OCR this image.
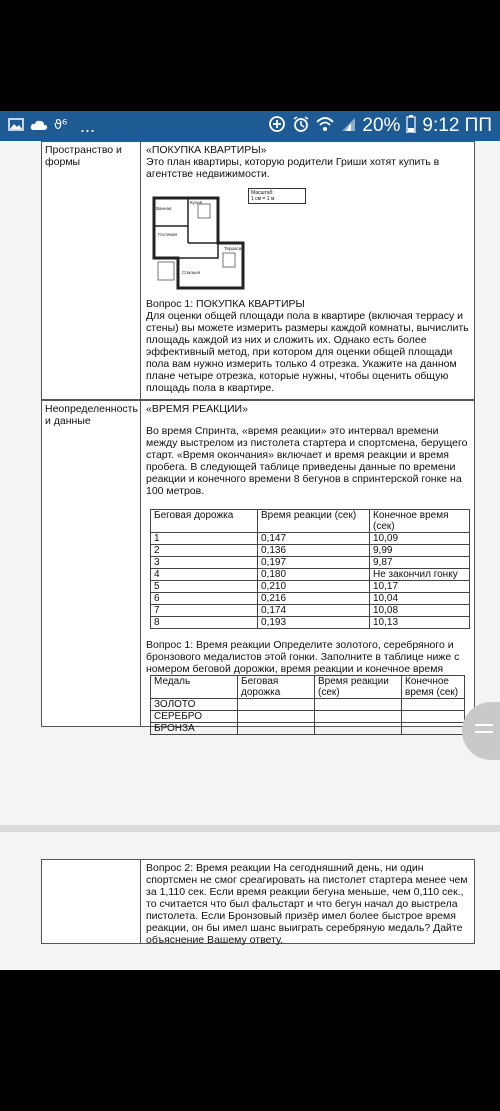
ϑ⁶ ...	20% 9:12 ПП
Пространство и формы

«ПОКУПКА КВАРТИРЫ»

Это план квартиры, которую родители Гриши хотят купить в агентстве недвижимости.

Ванная
Кухня
Гостиная
Терраса
Спальня
Масштаб:
1 см = 1 м

Вопрос 1: ПОКУПКА КВАРТИРЫ

Для оценки общей площади пола в квартире (включая террасу и стены) вы можете измерить размеры каждой комнаты, вычислить площадь каждой из них и сложить их. Однако есть более эффективный метод, при котором для оценки общей площади пола вам нужно измерить только 4 отрезка. Укажите на данном плане четыре отрезка, которые нужны, чтобы оценить общую площадь пола в квартире.

Неопределенность и данные

«ВРЕМЯ РЕАКЦИИ»

Во время Спринта, «время реакции» это интервал времени между выстрелом из пистолета стартера и спортсмена, берущего старт. «Время окончания» включает и время реакции и время пробега. В следующей таблице приведены данные по времени реакции и конечного времени 8 бегунов в спринтерской гонке на 100 метров.

Беговая дорожка	Время реакции (сек)	Конечное время (сек)
1	0,147	10,09
2	0,136	9,99
3	0,197	9,87
4	0,180	Не закончил гонку
5	0,210	10,17
6	0,216	10,04
7	0,174	10,08
8	0,193	10,13

Вопрос 1: Время реакции Определите золотого, серебряного и бронзового медалистов этой гонки. Заполните в таблице ниже с номером беговой дорожки, время реакции и конечное время

Медаль	Беговая дорожка	Время реакции (сек)	Конечное время (сек)
ЗОЛОТО			
СЕРЕБРО			
БРОНЗА			

Вопрос 2: Время реакции На сегодняшний день, ни один спортсмен не смог среагировать на пистолет стартера менее чем за 1,110 сек. Если время реакции бегуна меньше, чем 0,110 сек., то считается что был фальстарт и что бегун начал до выстрела пистолета. Если Бронзовый призёр имел более быстрое время реакции, он бы имел шанс выиграть серебряную медаль? Дайте объяснение Вашему ответу.
